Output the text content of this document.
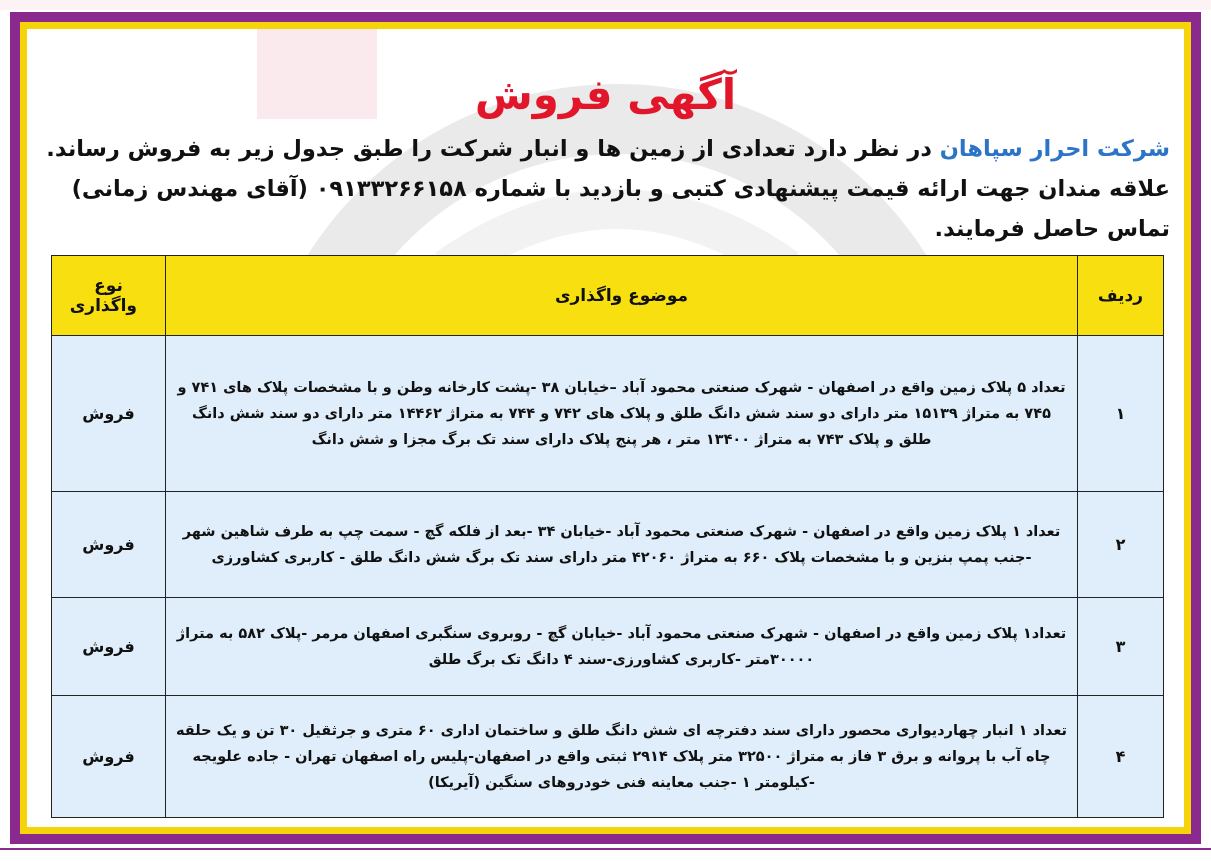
آگهی فروش

شرکت احرار سپاهان در نظر دارد تعدادی از زمین ها و انبار شرکت را طبق جدول زیر به فروش رساند.

علاقه مندان جهت ارائه قیمت پیشنهادی کتبی و بازدید با شماره ۰۹۱۳۳۲۶۶۱۵۸ (آقای مهندس زمانی)

تماس حاصل فرمایند.

ردیف	موضوع واگذاری	نوع واگذاری
۱	تعداد ۵ پلاک زمین واقع در اصفهان - شهرک صنعتی محمود آباد –خیابان ۳۸ -پشت کارخانه وطن و با مشخصات پلاک های ۷۴۱ و ۷۴۵ به متراژ ۱۵۱۳۹ متر دارای دو سند شش دانگ طلق و پلاک های ۷۴۲ و ۷۴۴ به متراژ ۱۴۴۶۲ متر دارای دو سند شش دانگ طلق و پلاک ۷۴۳ به متراژ ۱۳۴۰۰ متر ، هر پنج پلاک دارای سند تک برگ مجزا و شش دانگ	فروش
۲	تعداد ۱ پلاک زمین واقع در اصفهان - شهرک صنعتی محمود آباد -خیابان ۳۴ -بعد از فلکه گچ - سمت چپ به طرف شاهین شهر -جنب پمپ بنزین و با مشخصات پلاک ۶۶۰ به متراژ ۴۲۰۶۰ متر دارای سند تک برگ شش دانگ طلق - کاربری کشاورزی	فروش
۳	تعداد۱ پلاک زمین واقع در اصفهان - شهرک صنعتی محمود آباد -خیابان گچ - روبروی سنگبری اصفهان مرمر -پلاک ۵۸۲ به متراژ ۳۰۰۰۰متر -کاربری کشاورزی-سند ۴ دانگ تک برگ طلق	فروش
۴	تعداد ۱ انبار چهاردیواری محصور دارای سند دفترچه ای شش دانگ طلق و ساختمان اداری ۶۰ متری و جرثقیل ۳۰ تن و یک حلقه چاه آب با پروانه و برق ۳ فاز به متراژ ۳۲۵۰۰ متر پلاک ۲۹۱۴ ثبتی واقع در اصفهان-پلیس راه اصفهان تهران - جاده علویجه -کیلومتر ۱ -جنب معاینه فنی خودروهای سنگین (آیریکا)	فروش
